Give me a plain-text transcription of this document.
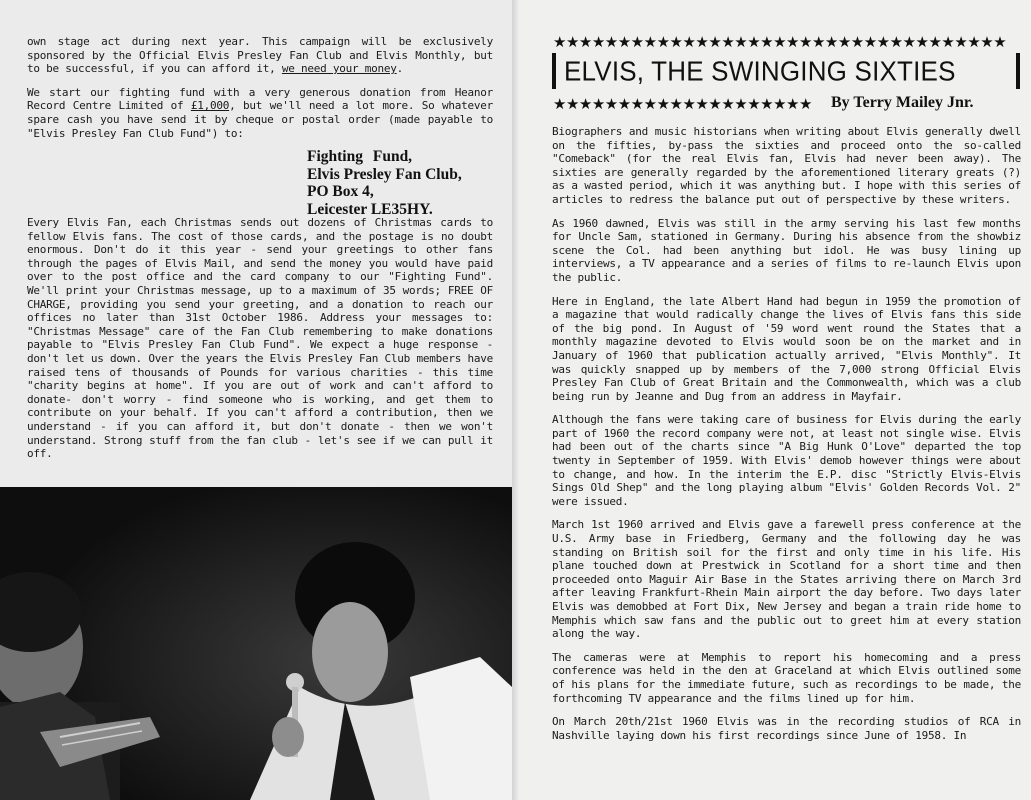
own stage act during next year. This campaign will be exclusively sponsored by the Official Elvis Presley Fan Club and Elvis Monthly, but to be successful, if you can afford it, we need your money.

We start our fighting fund with a very generous donation from Heanor Record Centre Limited of £1,000, but we'll need a lot more. So whatever spare cash you have send it by cheque or postal order (made payable to "Elvis Presley Fan Club Fund") to:

Fighting Fund,
Elvis Presley Fan Club,
PO Box 4,
Leicester LE35HY.

Every Elvis Fan, each Christmas sends out dozens of Christmas cards to fellow Elvis fans. The cost of those cards, and the postage is no doubt enormous. Don't do it this year - send your greetings to other fans through the pages of Elvis Mail, and send the money you would have paid over to the post office and the card company to our "Fighting Fund". We'll print your Christmas message, up to a maximum of 35 words; FREE OF CHARGE, providing you send your greeting, and a donation to reach our offices no later than 31st October 1986. Address your messages to: "Christmas Message" care of the Fan Club remembering to make donations payable to "Elvis Presley Fan Club Fund". We expect a huge response - don't let us down. Over the years the Elvis Presley Fan Club members have raised tens of thousands of Pounds for various charities - this time "charity begins at home". If you are out of work and can't afford to donate- don't worry - find someone who is working, and get them to contribute on your behalf. If you can't afford a contribution, then we understand - if you can afford it, but don't donate - then we won't understand. Strong stuff from the fan club - let's see if we can pull it off.

★★★★★★★★★★★★★★★★★★★★★★★★★★★★★★★★★★★
ELVIS, THE SWINGING SIXTIES
★★★★★★★★★★★★★★★★★★★★ By Terry Mailey Jnr.

Biographers and music historians when writing about Elvis generally dwell on the fifties, by-pass the sixties and proceed onto the so-called "Comeback" (for the real Elvis fan, Elvis had never been away). The sixties are generally regarded by the aforementioned literary greats (?) as a wasted period, which it was anything but. I hope with this series of articles to redress the balance put out of perspective by these writers.

As 1960 dawned, Elvis was still in the army serving his last few months for Uncle Sam, stationed in Germany. During his absence from the showbiz scene the Col. had been anything but idol. He was busy lining up interviews, a TV appearance and a series of films to re-launch Elvis upon the public.

Here in England, the late Albert Hand had begun in 1959 the promotion of a magazine that would radically change the lives of Elvis fans this side of the big pond. In August of '59 word went round the States that a monthly magazine devoted to Elvis would soon be on the market and in January of 1960 that publication actually arrived, "Elvis Monthly". It was quickly snapped up by members of the 7,000 strong Official Elvis Presley Fan Club of Great Britain and the Commonwealth, which was a club being run by Jeanne and Dug from an address in Mayfair.

Although the fans were taking care of business for Elvis during the early part of 1960 the record company were not, at least not single wise. Elvis had been out of the charts since "A Big Hunk O'Love" departed the top twenty in September of 1959. With Elvis' demob however things were about to change, and how. In the interim the E.P. disc "Strictly Elvis-Elvis Sings Old Shep" and the long playing album "Elvis' Golden Records Vol. 2" were issued.

March 1st 1960 arrived and Elvis gave a farewell press conference at the U.S. Army base in Friedberg, Germany and the following day he was standing on British soil for the first and only time in his life. His plane touched down at Prestwick in Scotland for a short time and then proceeded onto Maguir Air Base in the States arriving there on March 3rd after leaving Frankfurt-Rhein Main airport the day before. Two days later Elvis was demobbed at Fort Dix, New Jersey and began a train ride home to Memphis which saw fans and the public out to greet him at every station along the way.

The cameras were at Memphis to report his homecoming and a press conference was held in the den at Graceland at which Elvis outlined some of his plans for the immediate future, such as recordings to be made, the forthcoming TV appearance and the films lined up for him.

On March 20th/21st 1960 Elvis was in the recording studios of RCA in Nashville laying down his first recordings since June of 1958. In
